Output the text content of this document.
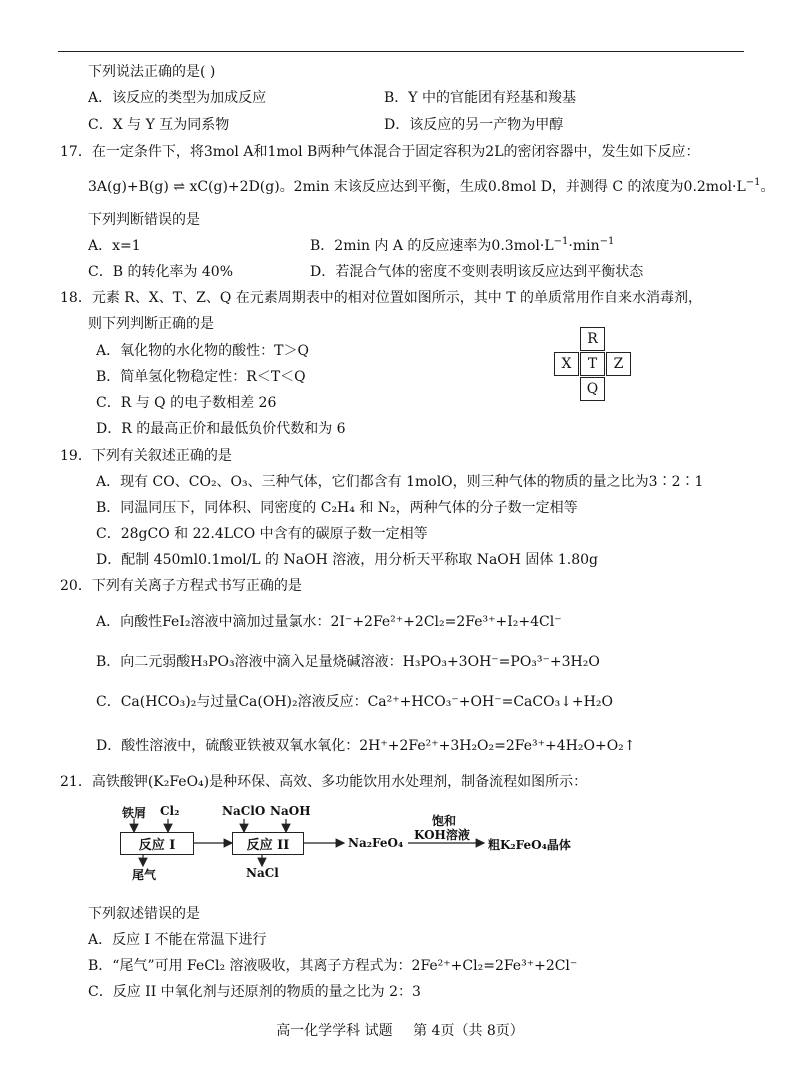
下列说法正确的是( )
A．该反应的类型为加成反应	B．Y 中的官能团有羟基和羧基
C．X 与 Y 互为同系物	D．该反应的另一产物为甲醇
17．在一定条件下，将3mol A和1mol B两种气体混合于固定容积为2L的密闭容器中，发生如下反应：
3A(g)+B(g) ⇌ xC(g)+2D(g)。2min 末该反应达到平衡，生成0.8mol D，并测得 C 的浓度为$0.2mol\cdot L^{-1}$。
下列判断错误的是
A．x=1	B．2min 内 A 的反应速率为$0.3mol\cdot L^{-1}\cdot\min^{-1}$
C．B 的转化率为 40%	D．若混合气体的密度不变则表明该反应达到平衡状态
18．元素 R、X、T、Z、Q 在元素周期表中的相对位置如图所示，其中 T 的单质常用作自来水消毒剂，
则下列判断正确的是
A．氧化物的水化物的酸性：T＞Q
B．简单氢化物稳定性：R＜T＜Q
C．R 与 Q 的电子数相差 26
D．R 的最高正价和最低负价代数和为 6
R
X	T	Z
Q
19．下列有关叙述正确的是
A．现有 CO、CO₂、O₃、三种气体，它们都含有 1molO，则三种气体的物质的量之比为3∶2∶1
B．同温同压下，同体积、同密度的 C₂H₄ 和 N₂，两种气体的分子数一定相等
C．28gCO 和 22.4LCO 中含有的碳原子数一定相等
D．配制 450ml0.1mol/L 的 NaOH 溶液，用分析天平称取 NaOH 固体 1.80g
20．下列有关离子方程式书写正确的是
A．向酸性FeI₂溶液中滴加过量氯水：2I⁻+2Fe²⁺+2Cl₂=2Fe³⁺+I₂+4Cl⁻
B．向二元弱酸H₃PO₃溶液中滴入足量烧碱溶液：H₃PO₃+3OH⁻=PO₃³⁻+3H₂O
C．Ca(HCO₃)₂与过量Ca(OH)₂溶液反应：Ca²⁺+HCO₃⁻+OH⁻=CaCO₃↓+H₂O
D．酸性溶液中，硫酸亚铁被双氧水氧化：2H⁺+2Fe²⁺+3H₂O₂=2Fe³⁺+4H₂O+O₂↑
21．高铁酸钾(K₂FeO₄)是种环保、高效、多功能饮用水处理剂，制备流程如图所示：
铁屑 Cl₂
反应 I
尾气
NaClO NaOH
反应 II
NaCl
Na₂FeO₄
饱和
KOH溶液
粗K₂FeO₄晶体
下列叙述错误的是
A．反应 I 不能在常温下进行
B．“尾气”可用 FeCl₂ 溶液吸收，其离子方程式为：2Fe²⁺+Cl₂=2Fe³⁺+2Cl⁻
C．反应 II 中氧化剂与还原剂的物质的量之比为 2：3
高一化学学科 试题 第 4页（共 8页）
